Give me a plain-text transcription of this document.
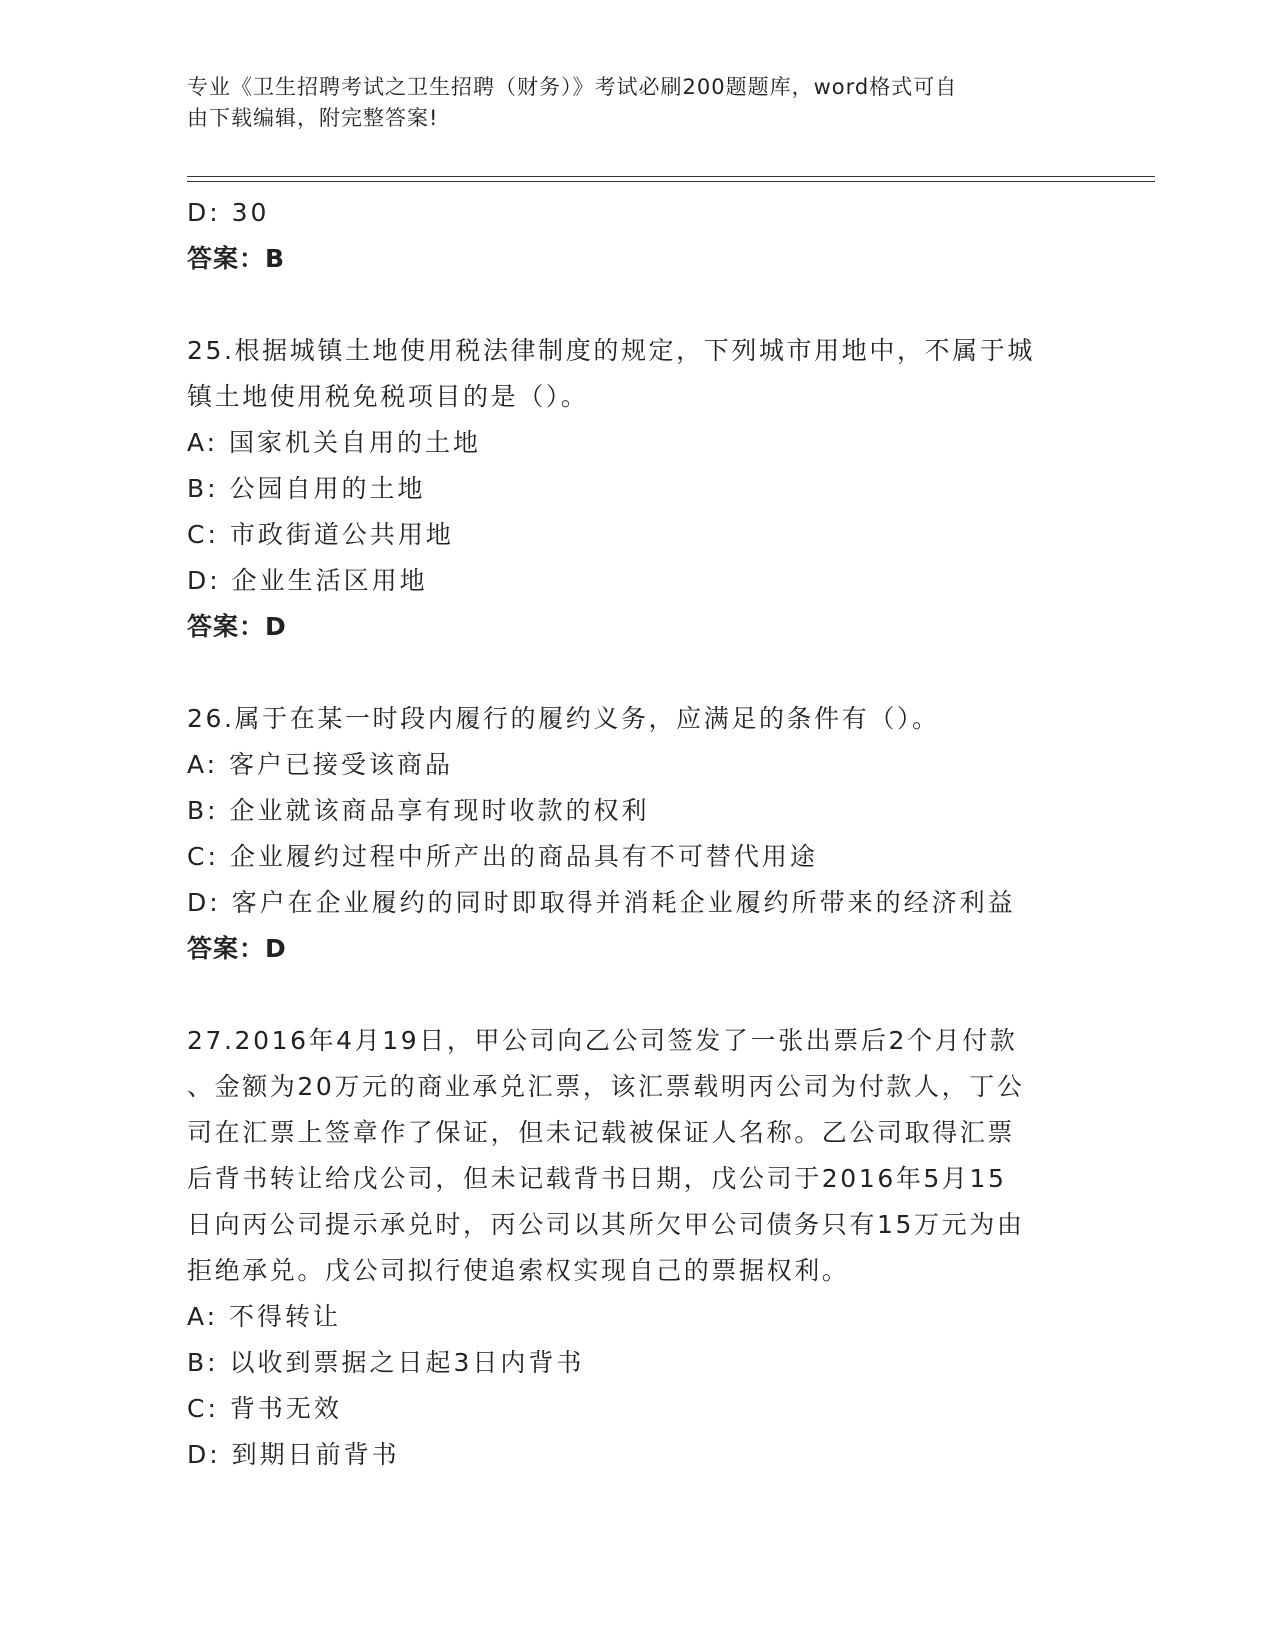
专业《卫生招聘考试之卫生招聘（财务）》考试必刷200题题库，word格式可自
由下载编辑，附完整答案!
D: 30
答案：B
25.根据城镇土地使用税法律制度的规定，下列城市用地中，不属于城
镇土地使用税免税项目的是（）。
A: 国家机关自用的土地
B: 公园自用的土地
C: 市政街道公共用地
D: 企业生活区用地
答案：D
26.属于在某一时段内履行的履约义务，应满足的条件有（）。
A: 客户已接受该商品
B: 企业就该商品享有现时收款的权利
C: 企业履约过程中所产出的商品具有不可替代用途
D: 客户在企业履约的同时即取得并消耗企业履约所带来的经济利益
答案：D
27.2016年4月19日，甲公司向乙公司签发了一张出票后2个月付款
、金额为20万元的商业承兑汇票，该汇票载明丙公司为付款人，丁公
司在汇票上签章作了保证，但未记载被保证人名称。乙公司取得汇票
后背书转让给戊公司，但未记载背书日期，戊公司于2016年5月15
日向丙公司提示承兑时，丙公司以其所欠甲公司债务只有15万元为由
拒绝承兑。戊公司拟行使追索权实现自己的票据权利。
A: 不得转让
B: 以收到票据之日起3日内背书
C: 背书无效
D: 到期日前背书
